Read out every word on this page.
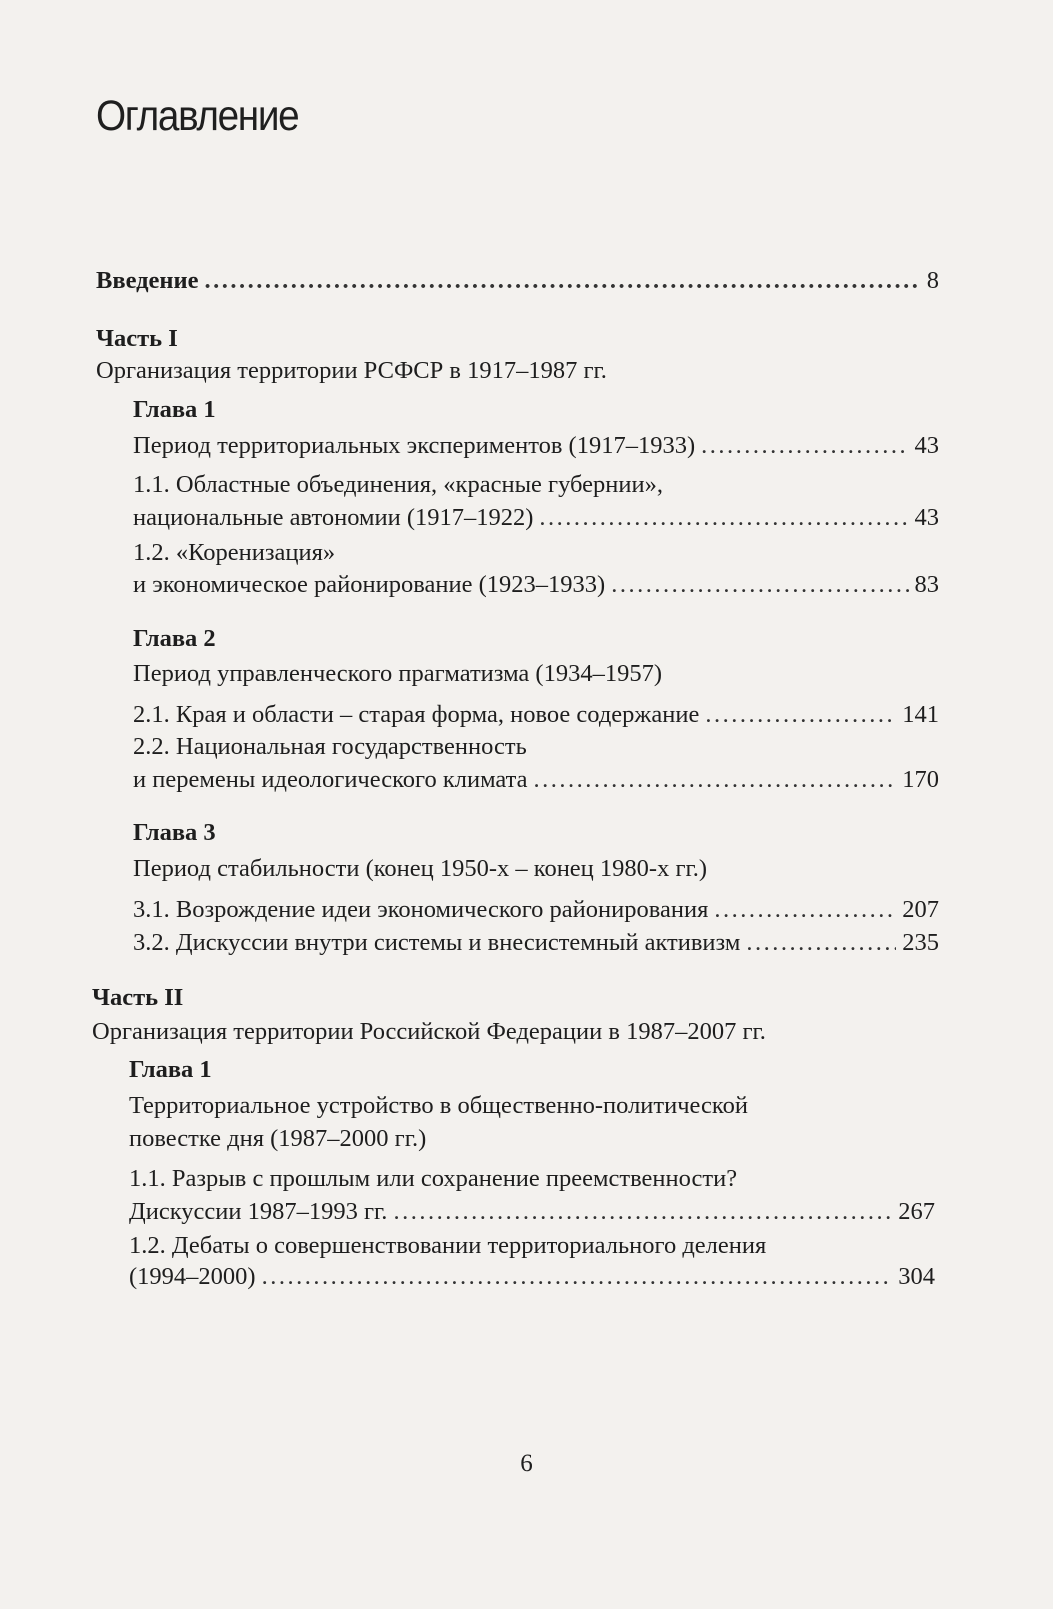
Оглавление
Введение .....	8
Часть I
Организация территории РСФСР в 1917–1987 гг.
Глава 1
Период территориальных экспериментов (1917–1933) .....	43
1.1. Областные объединения, «красные губернии»,
национальные автономии (1917–1922) .....	43
1.2. «Коренизация»
и экономическое районирование (1923–1933) .....	83
Глава 2
Период управленческого прагматизма (1934–1957)
2.1. Края и области – старая форма, новое содержание .....	141
2.2. Национальная государственность
и перемены идеологического климата .....	170
Глава 3
Период стабильности (конец 1950-х – конец 1980-х гг.)
3.1. Возрождение идеи экономического районирования .....	207
3.2. Дискуссии внутри системы и внесистемный активизм .....	235
Часть II
Организация территории Российской Федерации в 1987–2007 гг.
Глава 1
Территориальное устройство в общественно-политической
повестке дня (1987–2000 гг.)
1.1. Разрыв с прошлым или сохранение преемственности?
Дискуссии 1987–1993 гг. .....	267
1.2. Дебаты о совершенствовании территориального деления
(1994–2000) .....	304
6
